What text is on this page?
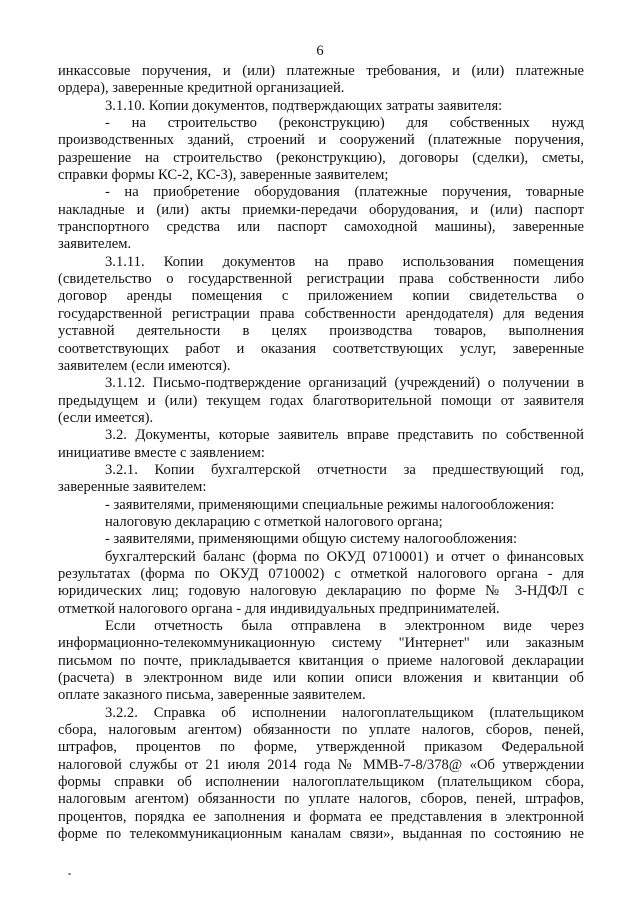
6
инкассовые поручения, и (или) платежные требования, и (или) платежные
ордера), заверенные кредитной организацией.
3.1.10. Копии документов, подтверждающих затраты заявителя:
- на строительство (реконструкцию) для собственных нужд
производственных зданий, строений и сооружений (платежные поручения,
разрешение на строительство (реконструкцию), договоры (сделки), сметы,
справки формы КС-2, КС-3), заверенные заявителем;
- на приобретение оборудования (платежные поручения, товарные
накладные и (или) акты приемки-передачи оборудования, и (или) паспорт
транспортного средства или паспорт самоходной машины), заверенные
заявителем.
3.1.11. Копии документов на право использования помещения
(свидетельство о государственной регистрации права собственности либо
договор аренды помещения с приложением копии свидетельства о
государственной регистрации права собственности арендодателя) для ведения
уставной деятельности в целях производства товаров, выполнения
соответствующих работ и оказания соответствующих услуг, заверенные
заявителем (если имеются).
3.1.12. Письмо-подтверждение организаций (учреждений) о получении в
предыдущем и (или) текущем годах благотворительной помощи от заявителя
(если имеется).
3.2. Документы, которые заявитель вправе представить по собственной
инициативе вместе с заявлением:
3.2.1. Копии бухгалтерской отчетности за предшествующий год,
заверенные заявителем:
- заявителями, применяющими специальные режимы налогообложения:
налоговую декларацию с отметкой налогового органа;
- заявителями, применяющими общую систему налогообложения:
бухгалтерский баланс (форма по ОКУД 0710001) и отчет о финансовых
результатах (форма по ОКУД 0710002) с отметкой налогового органа - для
юридических лиц; годовую налоговую декларацию по форме № 3-НДФЛ с
отметкой налогового органа - для индивидуальных предпринимателей.
Если отчетность была отправлена в электронном виде через
информационно-телекоммуникационную систему "Интернет" или заказным
письмом по почте, прикладывается квитанция о приеме налоговой декларации
(расчета) в электронном виде или копии описи вложения и квитанции об
оплате заказного письма, заверенные заявителем.
3.2.2. Справка об исполнении налогоплательщиком (плательщиком
сбора, налоговым агентом) обязанности по уплате налогов, сборов, пеней,
штрафов, процентов по форме, утвержденной приказом Федеральной
налоговой службы от 21 июля 2014 года № ММВ-7-8/378@ «Об утверждении
формы справки об исполнении налогоплательщиком (плательщиком сбора,
налоговым агентом) обязанности по уплате налогов, сборов, пеней, штрафов,
процентов, порядка ее заполнения и формата ее представления в электронной
форме по телекоммуникационным каналам связи», выданная по состоянию не
